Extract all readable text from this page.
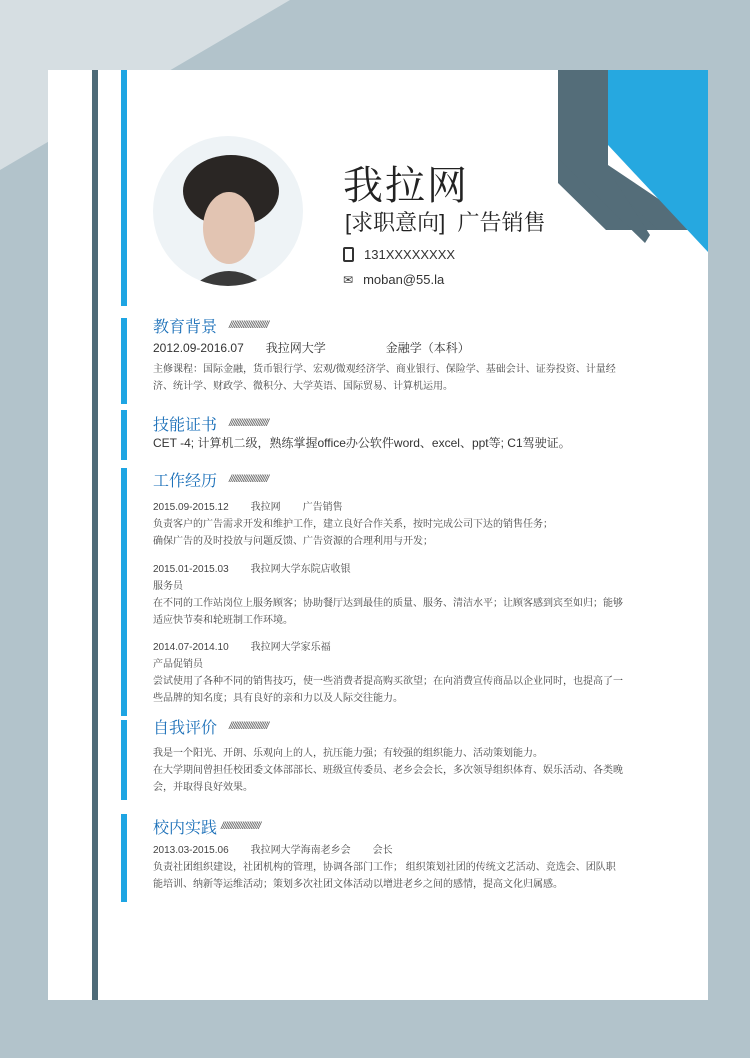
我拉网
[求职意向] 广告销售
131XXXXXXXX
✉ moban@55.la
教育背景 //////////////////////
2012.09-2016.07 我拉网大学	金融学（本科）
主修课程：国际金融，货币银行学、宏观/微观经济学、商业银行、保险学、基础会计、证券投资、计量经济、统计学、财政学、微积分、大学英语、国际贸易、计算机运用。
技能证书 //////////////////////
CET -4; 计算机二级，熟练掌握office办公软件word、excel、ppt等; C1驾驶证。
工作经历 //////////////////////
2015.09-2015.12 我拉网 广告销售
负责客户的广告需求开发和维护工作，建立良好合作关系，按时完成公司下达的销售任务；
确保广告的及时投放与问题反馈、广告资源的合理利用与开发；
2015.01-2015.03 我拉网大学东院店收银
服务员
在不同的工作站岗位上服务顾客；协助餐厅达到最佳的质量、服务、清洁水平；让顾客感到宾至如归；能够适应快节奏和轮班制工作环境。
2014.07-2014.10 我拉网大学家乐福
产品促销员
尝试使用了各种不同的销售技巧，使一些消费者提高购买欲望；在向消费宣传商品以企业同时，也提高了一些品牌的知名度；具有良好的亲和力以及人际交往能力。
自我评价 //////////////////////
我是一个阳光、开朗、乐观向上的人，抗压能力强；有较强的组织能力、活动策划能力。
在大学期间曾担任校团委文体部部长、班级宣传委员、老乡会会长，多次领导组织体育、娱乐活动、各类晚会，并取得良好效果。
校内实践 //////////////////////
2013.03-2015.06 我拉网大学海南老乡会 会长
负责社团组织建设，社团机构的管理，协调各部门工作； 组织策划社团的传统文艺活动、竞选会、团队职能培训、纳新等运维活动；策划多次社团文体活动以增进老乡之间的感情，提高文化归属感。
